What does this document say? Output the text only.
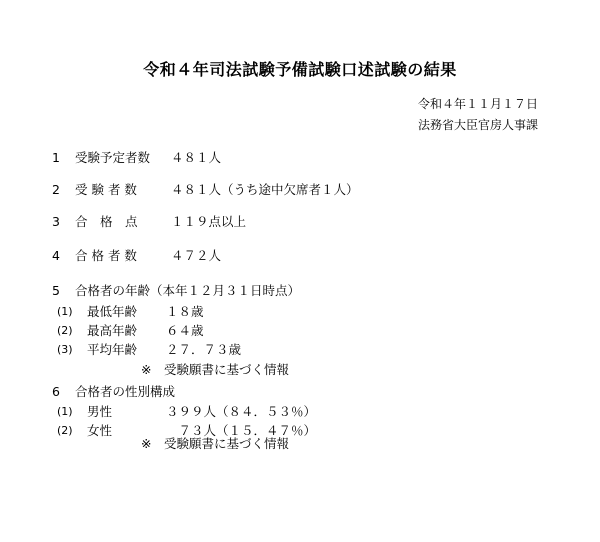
令和４年司法試験予備試験口述試験の結果
令和４年１１月１７日
法務省大臣官房人事課
1 受験予定者数 ４８１人
2 受 験 者 数	４８１人（うち途中欠席者１人）
3 合　格　点	１１９点以上
4 合 格 者 数	４７２人
5 合格者の年齢（本年１２月３１日時点）
(1) 最低年齢 １８歳
(2) 最高年齢 ６４歳
(3) 平均年齢 ２７．７３歳
※　受験願書に基づく情報
6 合格者の性別構成
(1) 男性	３９９人（８４．５３％）
(2) 女性	　７３人（１５．４７％）
※　受験願書に基づく情報
